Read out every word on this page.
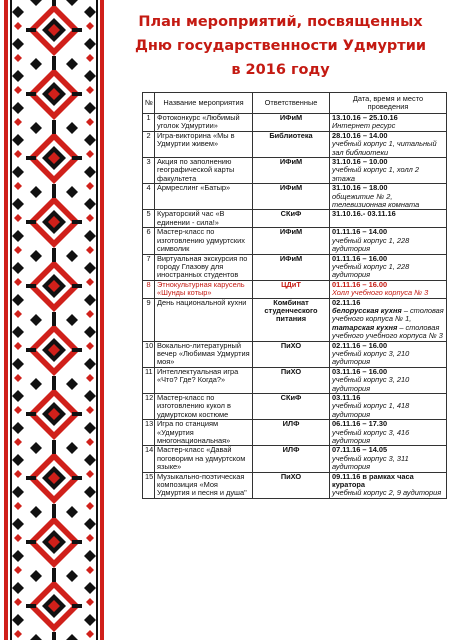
План мероприятий, посвященных
Дню государственности Удмуртии
в 2016 году
№	Название мероприятия	Ответственные	Дата, время и место проведения
1	Фотоконкурс «Любимый уголок Удмуртии»	ИФиМ	13.10.16 – 25.10.16
Интернет ресурс

2	Игра-викторина «Мы в Удмуртии живем»	Библиотека	28.10.16 – 14.00
учебный корпус 1, читальный зал библиотеки

3	Акция по заполнению географической карты факультета	ИФиМ	31.10.16 – 10.00
учебный корпус 1, холл 2 этажа

4	Армреслинг «Батыр»	ИФиМ	31.10.16 – 18.00
общежитие № 2, телевизионная комната

5	Кураторский час «В единении - сила!»	СКиФ	31.10.16.- 03.11.16

6	Мастер-класс по изготовлению удмуртских символик	ИФиМ	01.11.16 – 14.00
учебный корпус 1, 228 аудитория

7	Виртуальная экскурсия по городу Глазову для иностранных студентов	ИФиМ	01.11.16 – 16.00
учебный корпус 1, 228 аудитория

8	Этнокультурная карусель «Шунды котыр»	ЦДиТ	01.11.16 – 16.00
Холл учебного корпуса № 3

9	День национальной кухни	Комбинат студенческого питания	02.11.16
белорусская кухня – столовая учебного корпуса № 1,
татарская кухня – столовая учебного учебного корпуса № 3

10	Вокально-литературный вечер «Любимая Удмуртия моя»	ПиХО	02.11.16 – 16.00
учебный корпус 3, 210 аудитория

11	Интеллектуальная игра «Что? Где? Когда?»	ПиХО	03.11.16 – 16.00
учебный корпус 3, 210 аудитория

12	Мастер-класс по изготовлению кукол в удмуртском костюме	СКиФ	03.11.16
учебный корпус 1, 418 аудитория

13	Игра по станциям «Удмуртия многонациональная»	ИЛФ	06.11.16 – 17.30
учебный корпус 3, 416 аудитория

14	Мастер-класс «Давай поговорим на удмуртском языке»	ИЛФ	07.11.16 – 14.05
учебный корпус 3, 311 аудитория

15	Музыкально-поэтическая композиция «Моя Удмуртия и песня и душа"	ПиХО	09.11.16 в рамках часа куратора
учебный корпус 2, 9 аудитория
